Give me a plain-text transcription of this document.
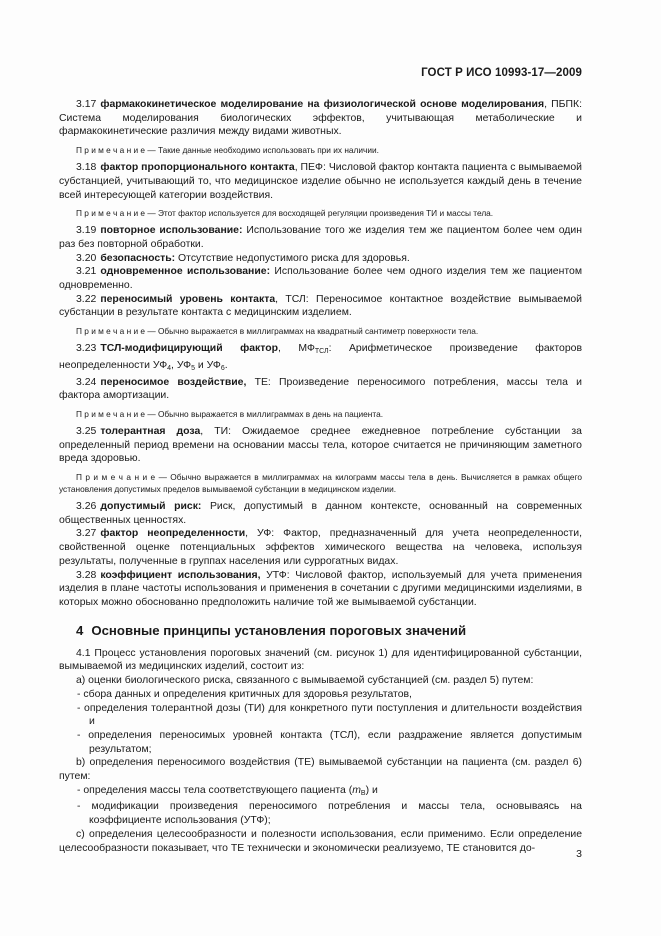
ГОСТ Р ИСО 10993-17—2009

3.17 фармакокинетическое моделирование на физиологической основе моделирования, ПБПК: Система моделирования биологических эффектов, учитывающая метаболические и фармакокинетические различия между видами животных.

П р и м е ч а н и е — Такие данные необходимо использовать при их наличии.

3.18 фактор пропорционального контакта, ПЕФ: Числовой фактор контакта пациента с вымываемой субстанцией, учитывающий то, что медицинское изделие обычно не используется каждый день в течение всей интересующей категории воздействия.

П р и м е ч а н и е — Этот фактор используется для восходящей регуляции произведения ТИ и массы тела.

3.19 повторное использование: Использование того же изделия тем же пациентом более чем один раз без повторной обработки.

3.20 безопасность: Отсутствие недопустимого риска для здоровья.

3.21 одновременное использование: Использование более чем одного изделия тем же пациентом одновременно.

3.22 переносимый уровень контакта, ТСЛ: Переносимое контактное воздействие вымываемой субстанции в результате контакта с медицинским изделием.

П р и м е ч а н и е — Обычно выражается в миллиграммах на квадратный сантиметр поверхности тела.

3.23 ТСЛ-модифицирующий фактор, $МФ_{ТСЛ}$: Арифметическое произведение факторов неопределенности $УФ_4$, $УФ_5$ и $УФ_6$.

3.24 переносимое воздействие, ТЕ: Произведение переносимого потребления, массы тела и фактора амортизации.

П р и м е ч а н и е — Обычно выражается в миллиграммах в день на пациента.

3.25 толерантная доза, ТИ: Ожидаемое среднее ежедневное потребление субстанции за определенный период времени на основании массы тела, которое считается не причиняющим заметного вреда здоровью.

П р и м е ч а н и е — Обычно выражается в миллиграммах на килограмм массы тела в день. Вычисляется в рамках общего установления допустимых пределов вымываемой субстанции в медицинском изделии.

3.26 допустимый риск: Риск, допустимый в данном контексте, основанный на современных общественных ценностях.

3.27 фактор неопределенности, УФ: Фактор, предназначенный для учета неопределенности, свойственной оценке потенциальных эффектов химического вещества на человека, используя результаты, полученные в группах населения или суррогатных видах.

3.28 коэффициент использования, УТФ: Числовой фактор, используемый для учета применения изделия в плане частоты использования и применения в сочетании с другими медицинскими изделиями, в которых можно обоснованно предположить наличие той же вымываемой субстанции.

4 Основные принципы установления пороговых значений

4.1 Процесс установления пороговых значений (см. рисунок 1) для идентифицированной субстанции, вымываемой из медицинских изделий, состоит из:

a) оценки биологического риска, связанного с вымываемой субстанцией (см. раздел 5) путем:

- сбора данных и определения критичных для здоровья результатов,

- определения толерантной дозы (ТИ) для конкретного пути поступления и длительности воздействия и

- определения переносимых уровней контакта (ТСЛ), если раздражение является допустимым результатом;

b) определения переносимого воздействия (ТЕ) вымываемой субстанции на пациента (см. раздел 6) путем:

- определения массы тела соответствующего пациента $(m_B)$ и

- модификации произведения переносимого потребления и массы тела, основываясь на коэффициенте использования (УТФ);

c) определения целесообразности и полезности использования, если применимо. Если определение целесообразности показывает, что ТЕ технически и экономически реализуемо, ТЕ становится до-	3
